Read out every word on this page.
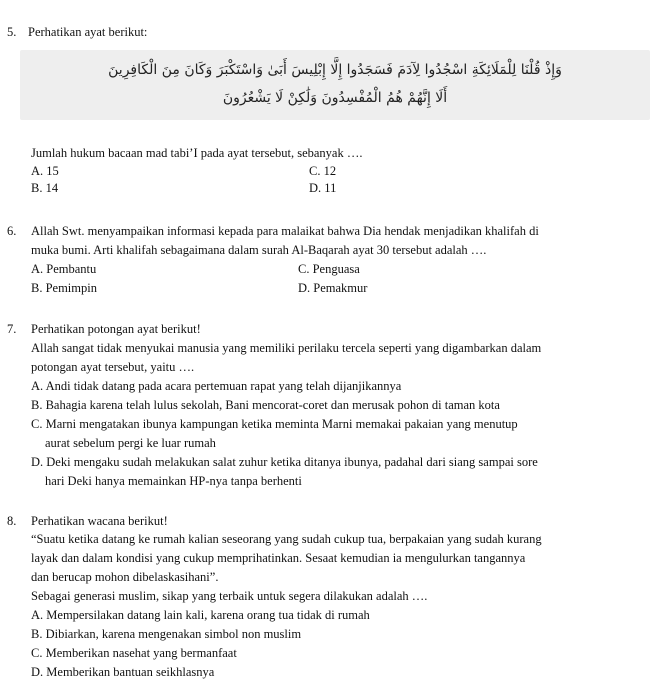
5. Perhatikan ayat berikut:
وَإِذْ قُلْنَا لِلْمَلَائِكَةِ اسْجُدُوا لِآدَمَ فَسَجَدُوا إِلَّا إِبْلِيسَ أَبَىٰ وَاسْتَكْبَرَ وَكَانَ مِنَ الْكَافِرِينَ
أَلَا إِنَّهُمْ هُمُ الْمُفْسِدُونَ وَلَٰكِنْ لَا يَشْعُرُونَ
Jumlah hukum bacaan mad tabi’I pada ayat tersebut, sebanyak ….
A. 15
B. 14
C. 12
D. 11
6. Allah Swt. menyampaikan informasi kepada para malaikat bahwa Dia hendak menjadikan khalifah di
muka bumi. Arti khalifah sebagaimana dalam surah Al-Baqarah ayat 30 tersebut adalah ….
A. Pembantu
B. Pemimpin
C. Penguasa
D. Pemakmur
7. Perhatikan potongan ayat berikut!
Allah sangat tidak menyukai manusia yang memiliki perilaku tercela seperti yang digambarkan dalam
potongan ayat tersebut, yaitu ….
A. Andi tidak datang pada acara pertemuan rapat yang telah dijanjikannya
B. Bahagia karena telah lulus sekolah, Bani mencorat-coret dan merusak pohon di taman kota
C. Marni mengatakan ibunya kampungan ketika meminta Marni memakai pakaian yang menutup
aurat sebelum pergi ke luar rumah
D. Deki mengaku sudah melakukan salat zuhur ketika ditanya ibunya, padahal dari siang sampai sore
hari Deki hanya memainkan HP-nya tanpa berhenti
8. Perhatikan wacana berikut!
“Suatu ketika datang ke rumah kalian seseorang yang sudah cukup tua, berpakaian yang sudah kurang
layak dan dalam kondisi yang cukup memprihatinkan. Sesaat kemudian ia mengulurkan tangannya
dan berucap mohon dibelaskasihani”.
Sebagai generasi muslim, sikap yang terbaik untuk segera dilakukan adalah ….
A. Mempersilakan datang lain kali, karena orang tua tidak di rumah
B. Dibiarkan, karena mengenakan simbol non muslim
C. Memberikan nasehat yang bermanfaat
D. Memberikan bantuan seikhlasnya
